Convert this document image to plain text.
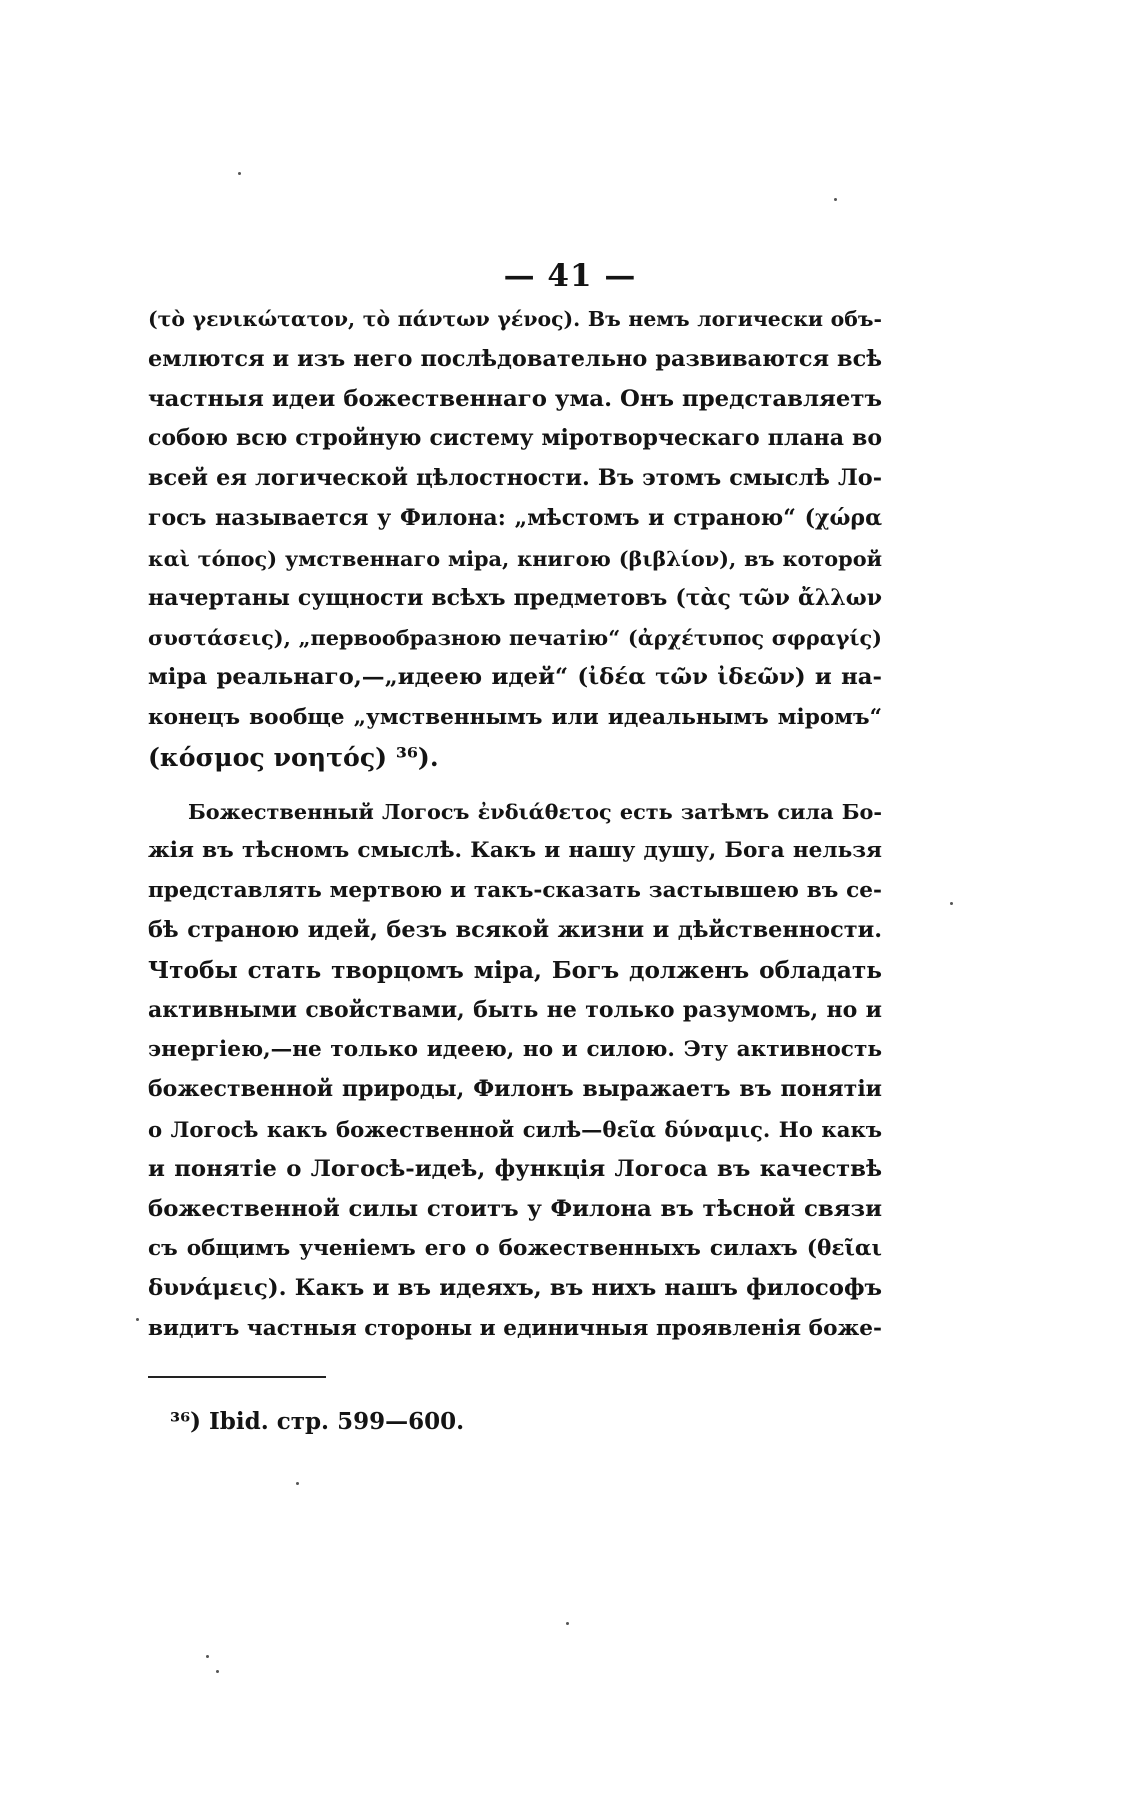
— 41 —
(τὸ γενικώτατον, τὸ πάντων γένος). Въ немъ логически объ-
емлются и изъ него послѣдовательно развиваются всѣ
частныя идеи божественнаго ума. Онъ представляетъ
собою всю стройную систему міротворческаго плана во
всей ея логической цѣлостности. Въ этомъ смыслѣ Ло-
госъ называется у Филона: „мѣстомъ и страною“ (χώρα
καὶ τόπος) умственнаго міра, книгою (βιβλίον), въ которой
начертаны сущности всѣхъ предметовъ (τὰς τῶν ἄλλων
συστάσεις), „первообразною печатію“ (ἀρχέτυπος σφραγίς)
міра реальнаго,—„идеею идей“ (ἰδέα τῶν ἰδεῶν) и на-
конецъ вообще „умственнымъ или идеальнымъ міромъ“
(κόσμος νοητός) ³⁶).
Божественный Логосъ ἐνδιάθετος есть затѣмъ сила Бо-
жія въ тѣсномъ смыслѣ. Какъ и нашу душу, Бога нельзя
представлять мертвою и такъ-сказать застывшею въ се-
бѣ страною идей, безъ всякой жизни и дѣйственности.
Чтобы стать творцомъ міра, Богъ долженъ обладать
активными свойствами, быть не только разумомъ, но и
энергіею,—не только идеею, но и силою. Эту активность
божественной природы, Филонъ выражаетъ въ понятіи
о Логосѣ какъ божественной силѣ—θεῖα δύναμις. Но какъ
и понятіе о Логосѣ-идеѣ, функція Логоса въ качествѣ
божественной силы стоитъ у Филона въ тѣсной связи
съ общимъ ученіемъ его о божественныхъ силахъ (θεῖαι
δυνάμεις). Какъ и въ идеяхъ, въ нихъ нашъ философъ
видитъ частныя стороны и единичныя проявленія боже-
³⁶) Ibid. стр. 599—600.
